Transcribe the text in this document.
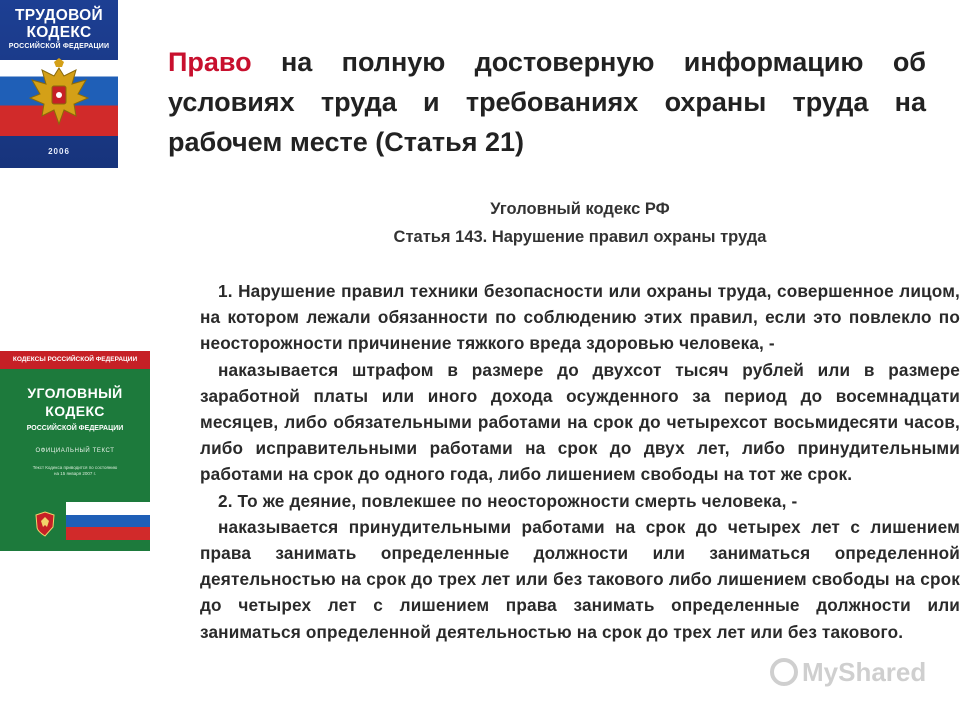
ТРУДОВОЙ КОДЕКС
РОССИЙСКОЙ ФЕДЕРАЦИИ
2006
КОДЕКСЫ РОССИЙСКОЙ ФЕДЕРАЦИИ
УГОЛОВНЫЙ КОДЕКС
РОССИЙСКОЙ ФЕДЕРАЦИИ
ОФИЦИАЛЬНЫЙ ТЕКСТ
Текст Кодекса приводится по состоянию на 15 января 2007 г.
Право на полную достоверную информацию об условиях труда и требованиях охраны труда на рабочем месте (Статья 21)
Уголовный кодекс РФ
Статья 143. Нарушение правил охраны труда

1. Нарушение правил техники безопасности или охраны труда, совершенное лицом, на котором лежали обязанности по соблюдению этих правил, если это повлекло по неосторожности причинение тяжкого вреда здоровью человека, -

наказывается штрафом в размере до двухсот тысяч рублей или в размере заработной платы или иного дохода осужденного за период до восемнадцати месяцев, либо обязательными работами на срок до четырехсот восьмидесяти часов, либо исправительными работами на срок до двух лет, либо принудительными работами на срок до одного года, либо лишением свободы на тот же срок.

2. То же деяние, повлекшее по неосторожности смерть человека, -

наказывается принудительными работами на срок до четырех лет с лишением права занимать определенные должности или заниматься определенной деятельностью на срок до трех лет или без такового либо лишением свободы на срок до четырех лет с лишением права занимать определенные должности или заниматься определенной деятельностью на срок до трех лет или без такового.

MyShared
